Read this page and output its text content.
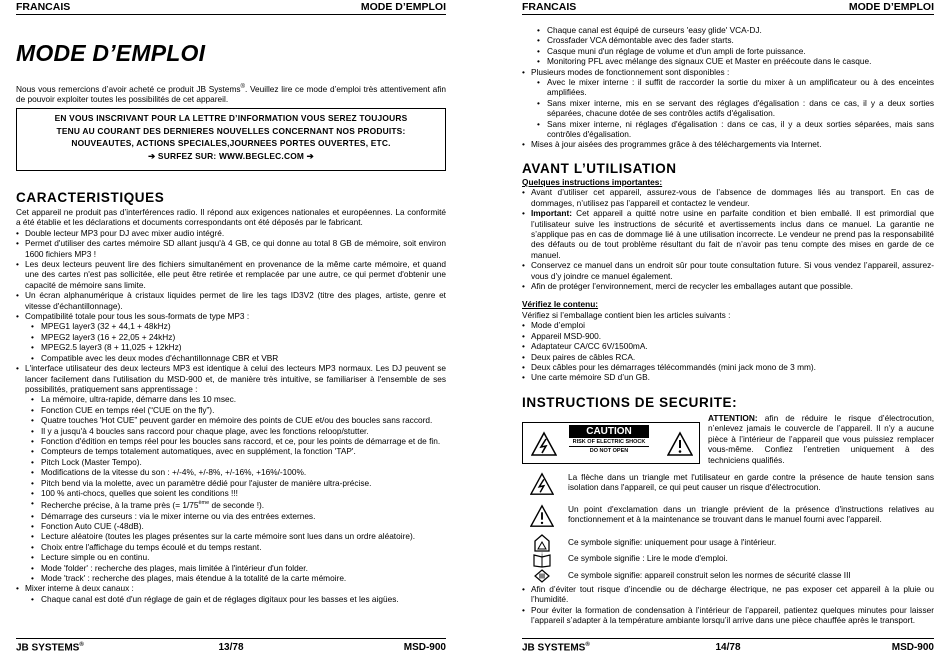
FRANCAIS	MODE D’EMPLOI
MODE D’EMPLOI

Nous vous remercions d’avoir acheté ce produit JB Systems®. Veuillez lire ce mode d’emploi très attentivement afin de pouvoir exploiter toutes les possibilités de cet appareil.

EN VOUS INSCRIVANT POUR LA LETTRE D’INFORMATION VOUS SEREZ TOUJOURS
TENU AU COURANT DES DERNIERES NOUVELLES CONCERNANT NOS PRODUITS:
NOUVEAUTES, ACTIONS SPECIALES,JOURNEES PORTES OUVERTES, ETC.
➔ SURFEZ SUR: WWW.BEGLEC.COM ➔
CARACTERISTIQUES

Cet appareil ne produit pas d’interférences radio. Il répond aux exigences nationales et européennes. La conformité a été établie et les déclarations et documents correspondants ont été déposés par le fabricant.

• Double lecteur MP3 pour DJ avec mixer audio intégré.
• Permet d'utiliser des cartes mémoire SD allant jusqu'à 4 GB, ce qui donne au total 8 GB de mémoire, soit environ 1600 fichiers MP3 !
• Les deux lecteurs peuvent lire des fichiers simultanément en provenance de la même carte mémoire, et quand une des cartes n'est pas sollicitée, elle peut être retirée et remplacée par une autre, ce qui permet d'obtenir une capacité de mémoire sans limite.
• Un écran alphanumérique à cristaux liquides permet de lire les tags ID3V2 (titre des plages, artiste, genre et vitesse d'échantillonnage).
• Compatibilité totale pour tous les sous-formats de type MP3 :
• MPEG1 layer3 (32 + 44,1 + 48kHz)
• MPEG2 layer3 (16 + 22,05 + 24kHz)
• MPEG2.5 layer3 (8 + 11,025 + 12kHz)
• Compatible avec les deux modes d'échantillonnage CBR et VBR
• L'interface utilisateur des deux lecteurs MP3 est identique à celui des lecteurs MP3 normaux. Les DJ peuvent se lancer facilement dans l'utilisation du MSD-900 et, de manière très intuitive, se familiariser à l'ensemble de ses possibilités, pratiquement sans apprentissage :
• La mémoire, ultra-rapide, démarre dans les 10 msec.
• Fonction CUE en temps réel (“CUE on the fly”).
• Quatre touches 'Hot CUE” peuvent garder en mémoire des points de CUE et/ou des boucles sans raccord.
• Il y a jusqu'à 4 boucles sans raccord pour chaque plage, avec les fonctions reloop/stutter.
• Fonction d'édition en temps réel pour les boucles sans raccord, et ce, pour les points de démarrage et de fin.
• Compteurs de temps totalement automatiques, avec en supplément, la fonction 'TAP'.
• Pitch Lock (Master Tempo).
• Modifications de la vitesse du son : +/-4%, +/-8%, +/-16%, +16%/-100%.
• Pitch bend via la molette, avec un paramètre dédié pour l'ajuster de manière ultra-précise.
• 100 % anti-chocs, quelles que soient les conditions !!!
• Recherche précise, à la trame près (= 1/75ème de seconde !).
• Démarrage des curseurs : via le mixer interne ou via des entrées externes.
• Fonction Auto CUE (-48dB).
• Lecture aléatoire (toutes les plages présentes sur la carte mémoire sont lues dans un ordre aléatoire).
• Choix entre l'affichage du temps écoulé et du temps restant.
• Lecture simple ou en continu.
• Mode 'folder' : recherche des plages, mais limitée à l'intérieur d'un folder.
• Mode 'track' : recherche des plages, mais étendue à la totalité de la carte mémoire.
• Mixer interne à deux canaux :
• Chaque canal est doté d'un réglage de gain et de réglages digitaux pour les basses et les aigües.
JB SYSTEMS®	13/78	MSD-900
FRANCAIS	MODE D’EMPLOI
• Chaque canal est équipé de curseurs 'easy glide' VCA-DJ.
• Crossfader VCA démontable avec des fader starts.
• Casque muni d'un réglage de volume et d'un ampli de forte puissance.
• Monitoring PFL avec mélange des signaux CUE et Master en préécoute dans le casque.
• Plusieurs modes de fonctionnement sont disponibles :
• Avec le mixer interne : il suffit de raccorder la sortie du mixer à un amplificateur ou à des enceintes amplifiées.
• Sans mixer interne, mis en se servant des réglages d'égalisation : dans ce cas, il y a deux sorties séparées, chacune dotée de ses contrôles actifs d'égalisation.
• Sans mixer interne, ni réglages d'égalisation : dans ce cas, il y a deux sorties séparées, mais sans contrôles d'égalisation.
• Mises à jour aisées des programmes grâce à des téléchargements via Internet.
AVANT L’UTILISATION
Quelques instructions importantes:
• Avant d’utiliser cet appareil, assurez-vous de l’absence de dommages liés au transport. En cas de dommages, n’utilisez pas l’appareil et contactez le vendeur.
• Important: Cet appareil a quitté notre usine en parfaite condition et bien emballé. Il est primordial que l’utilisateur suive les instructions de sécurité et avertissements inclus dans ce manuel. La garantie ne s’applique pas en cas de dommage lié à une utilisation incorrecte. Le vendeur ne prend pas la responsabilité des défauts ou de tout problème résultant du fait de n’avoir pas tenu compte des mises en garde de ce manuel.
• Conservez ce manuel dans un endroit sûr pour toute consultation future. Si vous vendez l’appareil, assurez-vous d’y joindre ce manuel également.
• Afin de protéger l’environnement, merci de recycler les emballages autant que possible.
Vérifiez le contenu:

Vérifiez si l’emballage contient bien les articles suivants :

• Mode d’emploi
• Appareil MSD-900.
• Adaptateur CA/CC 6V/1500mA.
• Deux paires de câbles RCA.
• Deux câbles pour les démarrages télécommandés (mini jack mono de 3 mm).
• Une carte mémoire SD d’un GB.
INSTRUCTIONS DE SECURITE:
CAUTION
RISK OF ELECTRIC SHOCK
DO NOT OPEN

ATTENTION: afin de réduire le risque d’électrocution, n’enlevez jamais le couvercle de l’appareil. Il n’y a aucune pièce à l’intérieur de l’appareil que vous puissiez remplacer vous-même. Confiez l’entretien uniquement à des techniciens qualifiés.

La flèche dans un triangle met l'utilisateur en garde contre la présence de haute tension sans isolation dans l'appareil, ce qui peut causer un risque d'électrocution.
Un point d'exclamation dans un triangle prévient de la présence d'instructions relatives au fonctionnement et à la maintenance se trouvant dans le manuel fourni avec l'appareil.
Ce symbole signifie: uniquement pour usage à l'intérieur.
i	Ce symbole signifie : Lire le mode d'emploi.
Ce symbole signifie: appareil construit selon les normes de sécurité classe III
• Afin d’éviter tout risque d’incendie ou de décharge électrique, ne pas exposer cet appareil à la pluie ou l’humidité.
• Pour éviter la formation de condensation à l’intérieur de l’appareil, patientez quelques minutes pour laisser l’appareil s’adapter à la température ambiante lorsqu’il arrive dans une pièce chauffée après le transport.
JB SYSTEMS®	14/78	MSD-900
